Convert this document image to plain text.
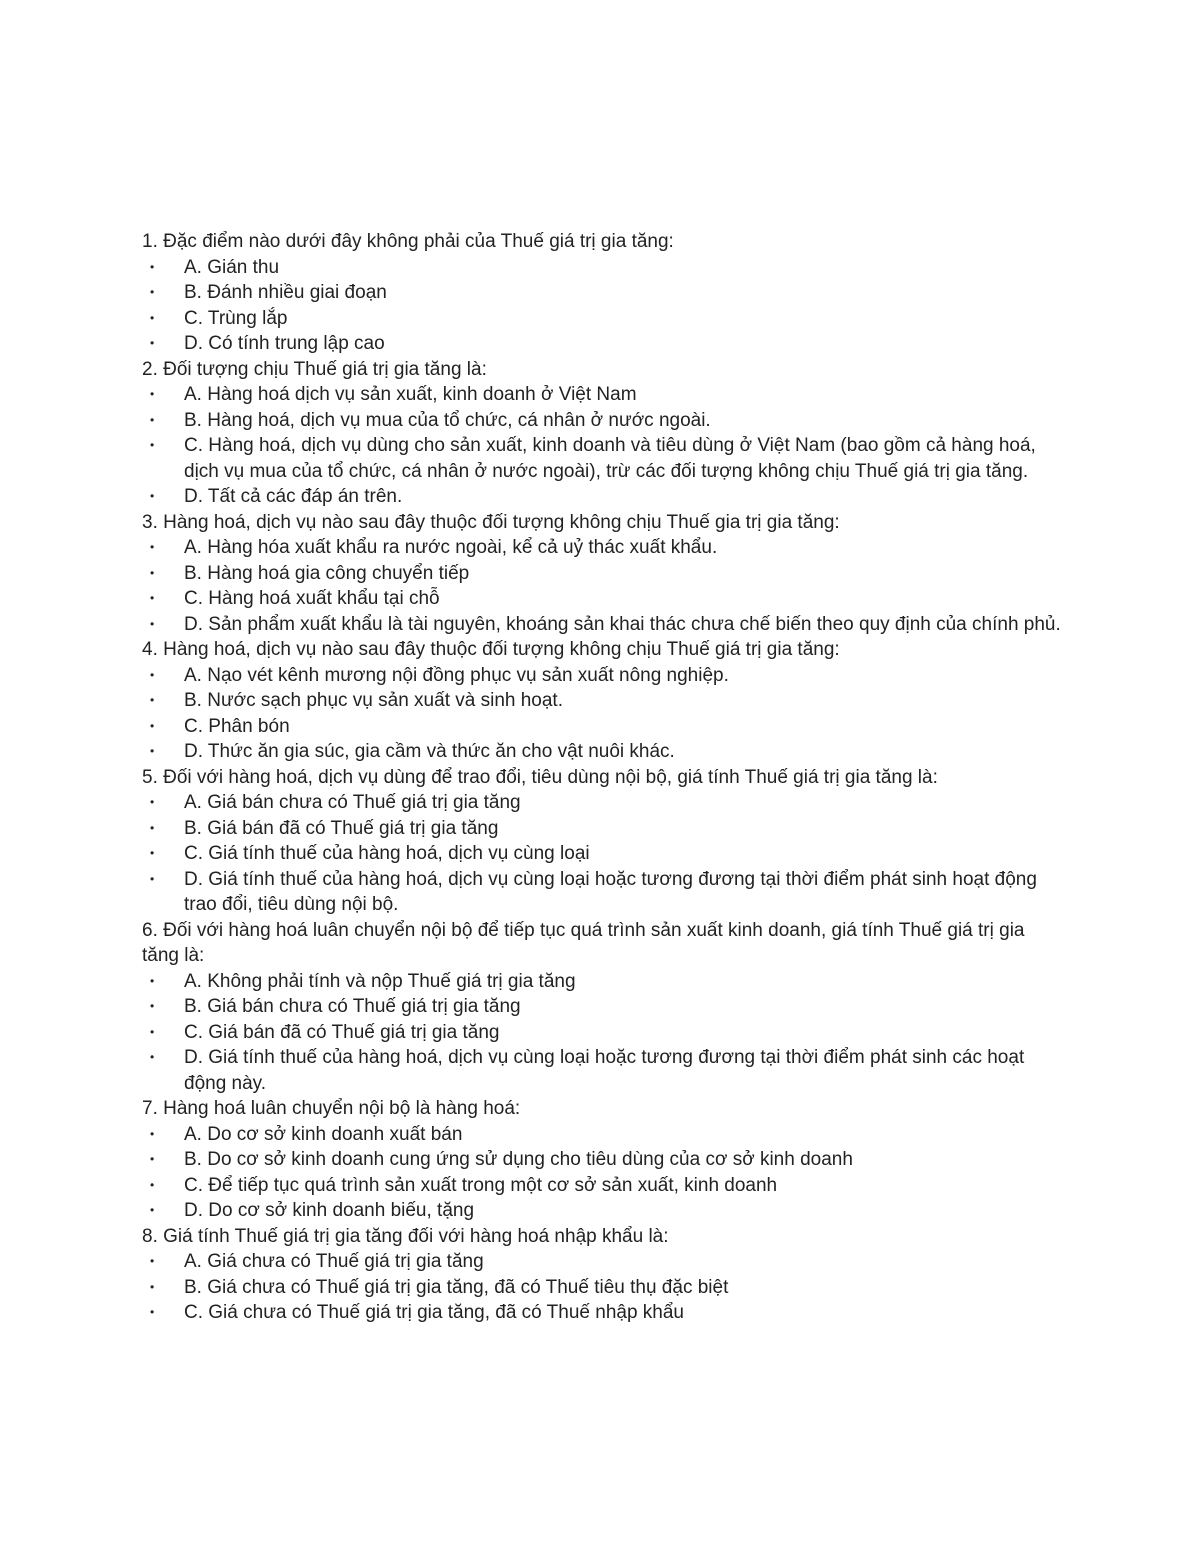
1. Đặc điểm nào dưới đây không phải của Thuế giá trị gia tăng:
• A. Gián thu
• B. Đánh nhiều giai đoạn
• C. Trùng lắp
• D. Có tính trung lập cao
2. Đối tượng chịu Thuế giá trị gia tăng là:
• A. Hàng hoá dịch vụ sản xuất, kinh doanh ở Việt Nam
• B. Hàng hoá, dịch vụ mua của tổ chức, cá nhân ở nước ngoài.
• C. Hàng hoá, dịch vụ dùng cho sản xuất, kinh doanh và tiêu dùng ở Việt Nam (bao gồm cả hàng hoá, dịch vụ mua của tổ chức, cá nhân ở nước ngoài), trừ các đối tượng không chịu Thuế giá trị gia tăng.
• D. Tất cả các đáp án trên.
3. Hàng hoá, dịch vụ nào sau đây thuộc đối tượng không chịu Thuế gia trị gia tăng:
• A. Hàng hóa xuất khẩu ra nước ngoài, kể cả uỷ thác xuất khẩu.
• B. Hàng hoá gia công chuyển tiếp
• C. Hàng hoá xuất khẩu tại chỗ
• D. Sản phẩm xuất khẩu là tài nguyên, khoáng sản khai thác chưa chế biến theo quy định của chính phủ.
4. Hàng hoá, dịch vụ nào sau đây thuộc đối tượng không chịu Thuế giá trị gia tăng:
• A. Nạo vét kênh mương nội đồng phục vụ sản xuất nông nghiệp.
• B. Nước sạch phục vụ sản xuất và sinh hoạt.
• C. Phân bón
• D. Thức ăn gia súc, gia cầm và thức ăn cho vật nuôi khác.
5. Đối với hàng hoá, dịch vụ dùng để trao đổi, tiêu dùng nội bộ, giá tính Thuế giá trị gia tăng là:
• A. Giá bán chưa có Thuế giá trị gia tăng
• B. Giá bán đã có Thuế giá trị gia tăng
• C. Giá tính thuế của hàng hoá, dịch vụ cùng loại
• D. Giá tính thuế của hàng hoá, dịch vụ cùng loại hoặc tương đương tại thời điểm phát sinh hoạt động trao đổi, tiêu dùng nội bộ.
6. Đối với hàng hoá luân chuyển nội bộ để tiếp tục quá trình sản xuất kinh doanh, giá tính Thuế giá trị gia tăng là:
• A. Không phải tính và nộp Thuế giá trị gia tăng
• B. Giá bán chưa có Thuế giá trị gia tăng
• C. Giá bán đã có Thuế giá trị gia tăng
• D. Giá tính thuế của hàng hoá, dịch vụ cùng loại hoặc tương đương tại thời điểm phát sinh các hoạt động này.
7. Hàng hoá luân chuyển nội bộ là hàng hoá:
• A. Do cơ sở kinh doanh xuất bán
• B. Do cơ sở kinh doanh cung ứng sử dụng cho tiêu dùng của cơ sở kinh doanh
• C. Để tiếp tục quá trình sản xuất trong một cơ sở sản xuất, kinh doanh
• D. Do cơ sở kinh doanh biếu, tặng
8. Giá tính Thuế giá trị gia tăng đối với hàng hoá nhập khẩu là:
• A. Giá chưa có Thuế giá trị gia tăng
• B. Giá chưa có Thuế giá trị gia tăng, đã có Thuế tiêu thụ đặc biệt
• C. Giá chưa có Thuế giá trị gia tăng, đã có Thuế nhập khẩu
